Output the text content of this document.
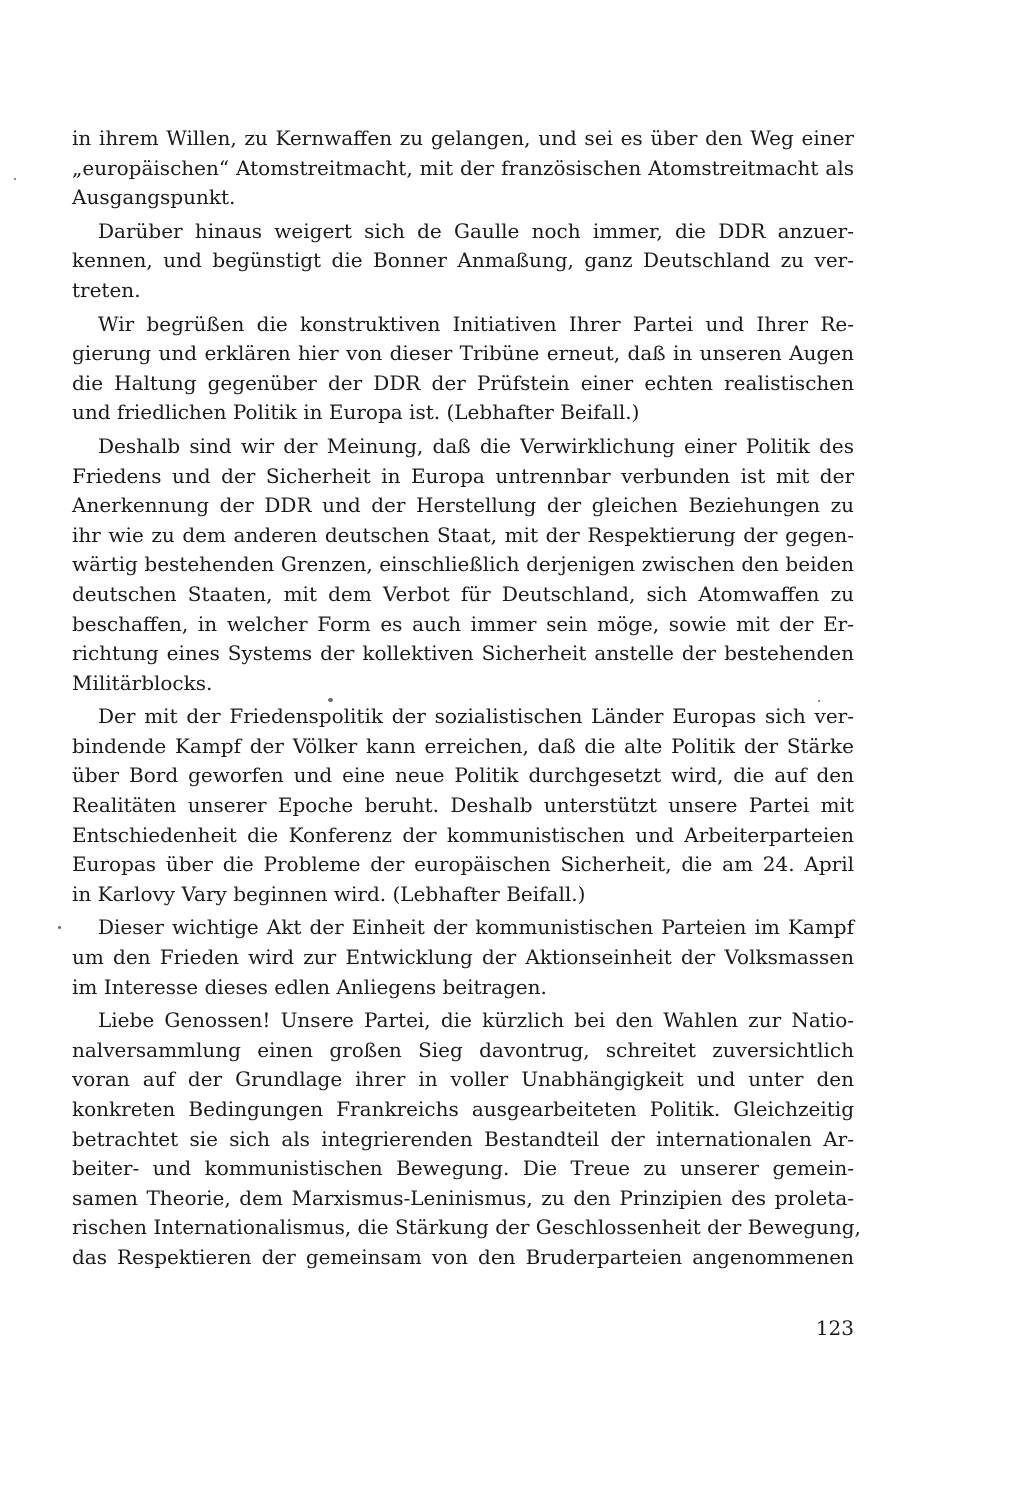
in ihrem Willen, zu Kernwaffen zu gelangen, und sei es über den Weg einer
„europäischen“ Atomstreitmacht, mit der französischen Atomstreitmacht als
Ausgangspunkt.
Darüber hinaus weigert sich de Gaulle noch immer, die DDR anzuer-
kennen, und begünstigt die Bonner Anmaßung, ganz Deutschland zu ver-
treten.
Wir begrüßen die konstruktiven Initiativen Ihrer Partei und Ihrer Re-
gierung und erklären hier von dieser Tribüne erneut, daß in unseren Augen
die Haltung gegenüber der DDR der Prüfstein einer echten realistischen
und friedlichen Politik in Europa ist. (Lebhafter Beifall.)
Deshalb sind wir der Meinung, daß die Verwirklichung einer Politik des
Friedens und der Sicherheit in Europa untrennbar verbunden ist mit der
Anerkennung der DDR und der Herstellung der gleichen Beziehungen zu
ihr wie zu dem anderen deutschen Staat, mit der Respektierung der gegen-
wärtig bestehenden Grenzen, einschließlich derjenigen zwischen den beiden
deutschen Staaten, mit dem Verbot für Deutschland, sich Atomwaffen zu
beschaffen, in welcher Form es auch immer sein möge, sowie mit der Er-
richtung eines Systems der kollektiven Sicherheit anstelle der bestehenden
Militärblocks.
Der mit der Friedenspolitik der sozialistischen Länder Europas sich ver-
bindende Kampf der Völker kann erreichen, daß die alte Politik der Stärke
über Bord geworfen und eine neue Politik durchgesetzt wird, die auf den
Realitäten unserer Epoche beruht. Deshalb unterstützt unsere Partei mit
Entschiedenheit die Konferenz der kommunistischen und Arbeiterparteien
Europas über die Probleme der europäischen Sicherheit, die am 24. April
in Karlovy Vary beginnen wird. (Lebhafter Beifall.)
Dieser wichtige Akt der Einheit der kommunistischen Parteien im Kampf
um den Frieden wird zur Entwicklung der Aktionseinheit der Volksmassen
im Interesse dieses edlen Anliegens beitragen.
Liebe Genossen! Unsere Partei, die kürzlich bei den Wahlen zur Natio-
nalversammlung einen großen Sieg davontrug, schreitet zuversichtlich
voran auf der Grundlage ihrer in voller Unabhängigkeit und unter den
konkreten Bedingungen Frankreichs ausgearbeiteten Politik. Gleichzeitig
betrachtet sie sich als integrierenden Bestandteil der internationalen Ar-
beiter- und kommunistischen Bewegung. Die Treue zu unserer gemein-
samen Theorie, dem Marxismus-Leninismus, zu den Prinzipien des proleta-
rischen Internationalismus, die Stärkung der Geschlossenheit der Bewegung,
das Respektieren der gemeinsam von den Bruderparteien angenommenen
123
